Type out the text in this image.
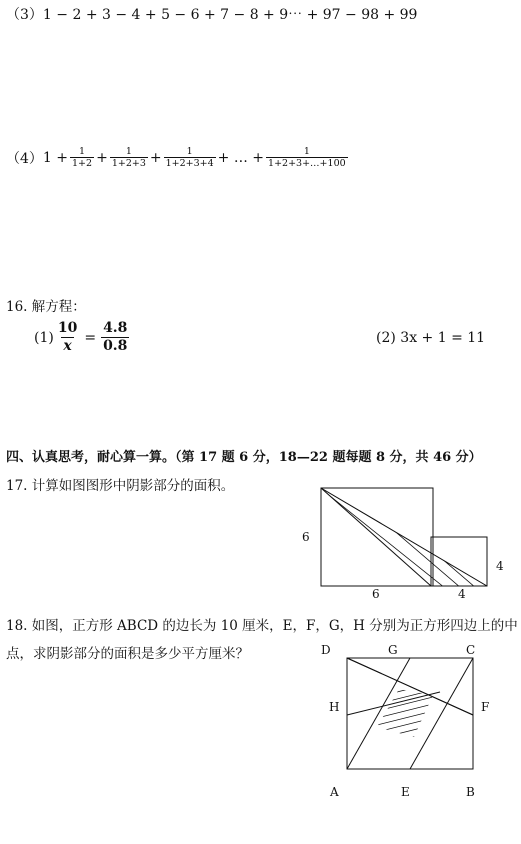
（3）1 − 2 + 3 − 4 + 5 − 6 + 7 − 8 + 9⋯ + 97 − 98 + 99
（4） $1 + \frac{1}{1+2} + \frac{1}{1+2+3} + \frac{1}{1+2+3+4}$ + … + $\frac{1}{1+2+3+\dots+100}$
16. 解方程：
$(1) \frac{10}{x} = \frac{4.8}{0.8}$	(2) 3x + 1 = 11
四、认真思考，耐心算一算。（第 17 题 6 分，18—22 题每题 8 分，共 46 分）
17. 计算如图图形中阴影部分的面积。
6
6	4
4
18. 如图，正方形 ABCD 的边长为 10 厘米，E，F，G，H 分别为正方形四边上的中
点，求阴影部分的面积是多少平方厘米？	D	G	C
H	F
A	E	B
